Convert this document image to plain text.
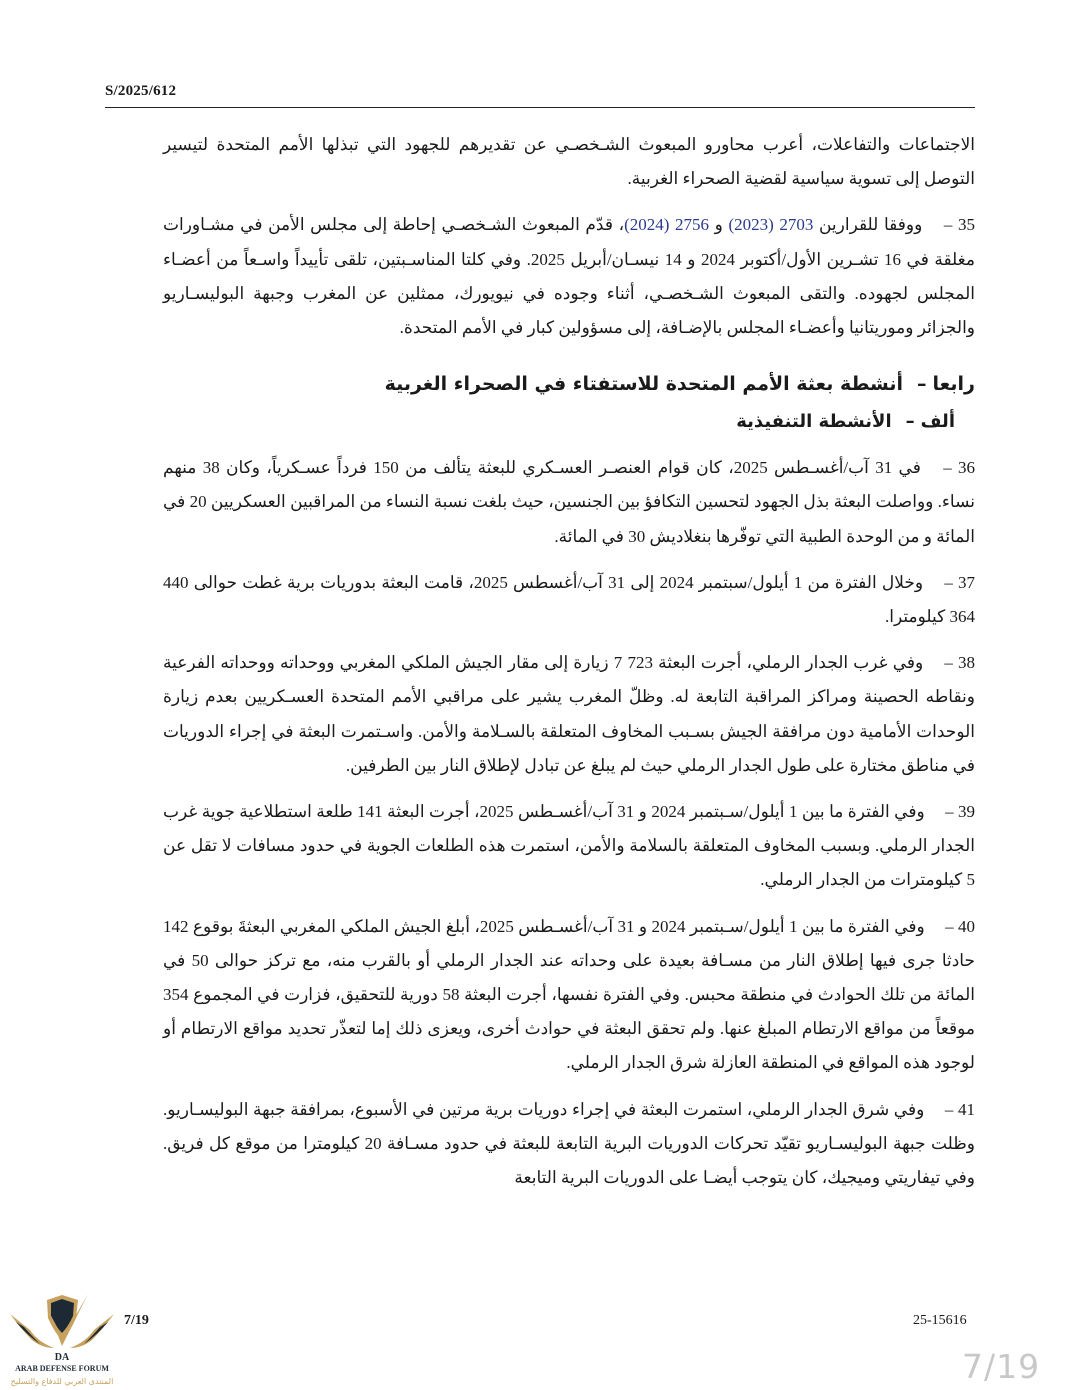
S/2025/612

الاجتماعات والتفاعلات، أعرب محاورو المبعوث الشـخصـي عن تقديرهم للجهود التي تبذلها الأمم المتحدة لتيسير التوصل إلى تسوية سياسية لقضية الصحراء الغربية.

35 – ووفقا للقرارين 2703 (2023) و 2756 (2024)، قدّم المبعوث الشـخصـي إحاطة إلى مجلس الأمن في مشـاورات مغلقة في 16 تشـرين الأول/أكتوبر 2024 و 14 نيسـان/أبريل 2025. وفي كلتا المناسـبتين، تلقى تأييداً واسـعاً من أعضـاء المجلس لجهوده. والتقى المبعوث الشـخصـي، أثناء وجوده في نيويورك، ممثلين عن المغرب وجبهة البوليسـاريو والجزائر وموريتانيا وأعضـاء المجلس بالإضـافة، إلى مسؤولين كبار في الأمم المتحدة.

رابعا–أنشطة بعثة الأمم المتحدة للاستفتاء في الصحراء الغربية
ألف–الأنشطة التنفيذية

36 – في 31 آب/أغسـطس 2025، كان قوام العنصـر العسـكري للبعثة يتألف من 150 فرداً عسـكرياً، وكان 38 منهم نساء. وواصلت البعثة بذل الجهود لتحسين التكافؤ بين الجنسين، حيث بلغت نسبة النساء من المراقبين العسكريين 20 في المائة و من الوحدة الطبية التي توفّرها بنغلاديش 30 في المائة.

37 – وخلال الفترة من 1 أيلول/سبتمبر 2024 إلى 31 آب/أغسطس 2025، قامت البعثة بدوريات برية غطت حوالى 440 364 كيلومترا.

38 – وفي غرب الجدار الرملي، أجرت البعثة 723 7 زيارة إلى مقار الجيش الملكي المغربي ووحداته ووحداته الفرعية ونقاطه الحصينة ومراكز المراقبة التابعة له. وظلّ المغرب يشير على مراقبي الأمم المتحدة العسـكريين بعدم زيارة الوحدات الأمامية دون مرافقة الجيش بسـبب المخاوف المتعلقة بالسـلامة والأمن. واسـتمرت البعثة في إجراء الدوريات في مناطق مختارة على طول الجدار الرملي حيث لم يبلغ عن تبادل لإطلاق النار بين الطرفين.

39 – وفي الفترة ما بين 1 أيلول/سـبتمبر 2024 و 31 آب/أغسـطس 2025، أجرت البعثة 141 طلعة استطلاعية جوية غرب الجدار الرملي. وبسبب المخاوف المتعلقة بالسلامة والأمن، استمرت هذه الطلعات الجوية في حدود مسافات لا تقل عن 5 كيلومترات من الجدار الرملي.

40 – وفي الفترة ما بين 1 أيلول/سـبتمبر 2024 و 31 آب/أغسـطس 2025، أبلغ الجيش الملكي المغربي البعثةَ بوقوع 142 حادثا جرى فيها إطلاق النار من مسـافة بعيدة على وحداته عند الجدار الرملي أو بالقرب منه، مع تركز حوالى 50 في المائة من تلك الحوادث في منطقة محبس. وفي الفترة نفسها، أجرت البعثة 58 دورية للتحقيق، فزارت في المجموع 354 موقعاً من مواقع الارتطام المبلغ عنها. ولم تحقق البعثة في حوادث أخرى، ويعزى ذلك إما لتعذّر تحديد مواقع الارتطام أو لوجود هذه المواقع في المنطقة العازلة شرق الجدار الرملي.

41 – وفي شرق الجدار الرملي، استمرت البعثة في إجراء دوريات برية مرتين في الأسبوع، بمرافقة جبهة البوليسـاريو. وظلت جبهة البوليسـاريو تقيّد تحركات الدوريات البرية التابعة للبعثة في حدود مسـافة 20 كيلومترا من موقع كل فريق. وفي تيفاريتي وميجيك، كان يتوجب أيضـا على الدوريات البرية التابعة

7/19	25-15616
7/19
DA
ARAB DEFENSE FORUM
المنتدى العربي للدفاع والتسليح
